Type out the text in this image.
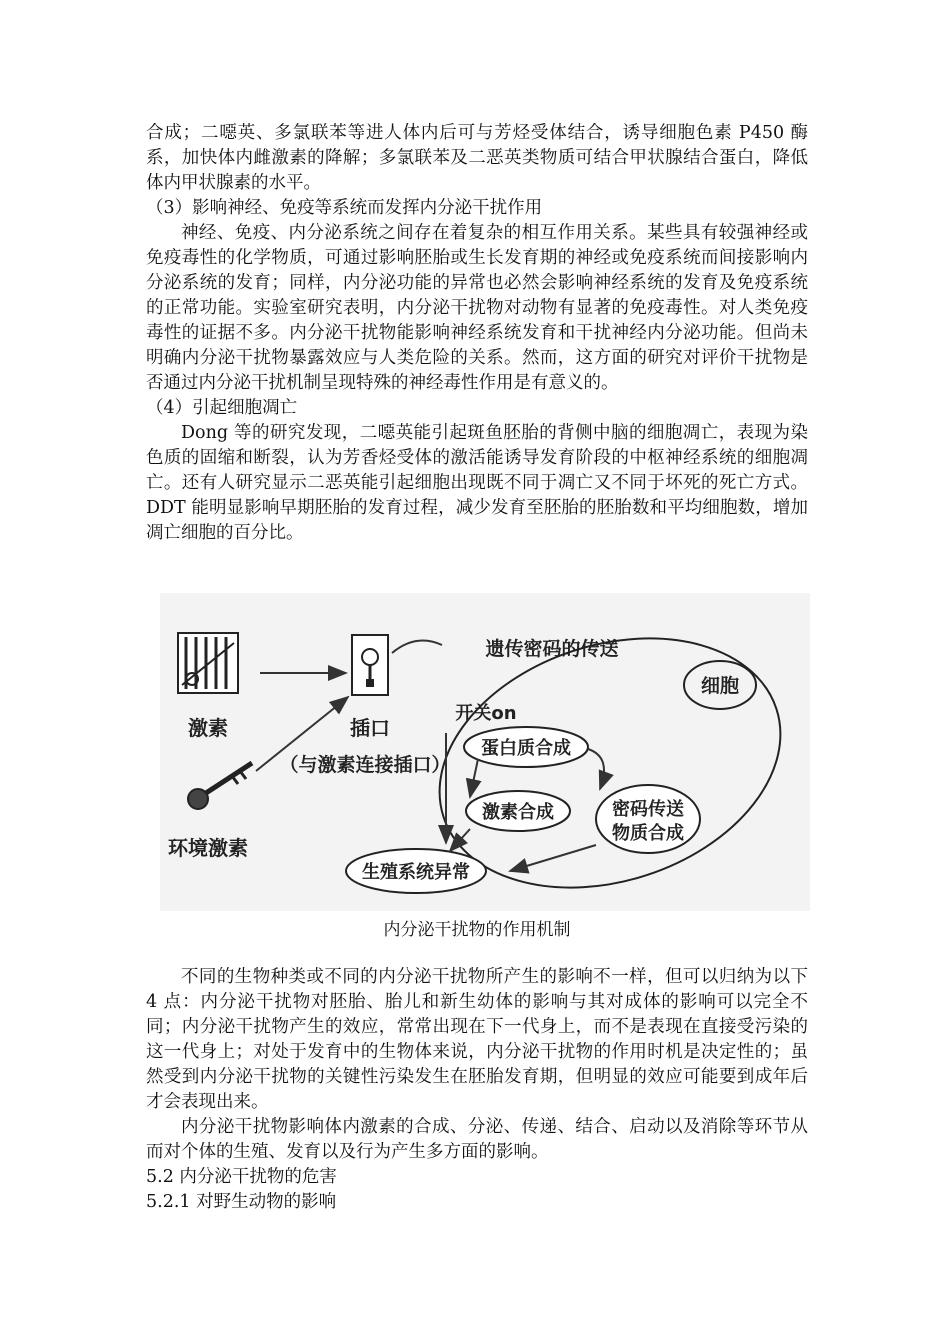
合成；二噁英、多氯联苯等进人体内后可与芳烃受体结合，诱导细胞色素 P450 酶系，加快体内雌激素的降解；多氯联苯及二恶英类物质可结合甲状腺结合蛋白，降低体内甲状腺素的水平。

（3）影响神经、免疫等系统而发挥内分泌干扰作用

神经、免疫、内分泌系统之间存在着复杂的相互作用关系。某些具有较强神经或免疫毒性的化学物质，可通过影响胚胎或生长发育期的神经或免疫系统而间接影响内分泌系统的发育；同样，内分泌功能的异常也必然会影响神经系统的发育及免疫系统的正常功能。实验室研究表明，内分泌干扰物对动物有显著的免疫毒性。对人类免疫毒性的证据不多。内分泌干扰物能影响神经系统发育和干扰神经内分泌功能。但尚未明确内分泌干扰物暴露效应与人类危险的关系。然而，这方面的研究对评价干扰物是否通过内分泌干扰机制呈现特殊的神经毒性作用是有意义的。

（4）引起细胞凋亡

Dong 等的研究发现，二噁英能引起斑鱼胚胎的背侧中脑的细胞凋亡，表现为染色质的固缩和断裂，认为芳香烃受体的激活能诱导发育阶段的中枢神经系统的细胞凋亡。还有人研究显示二恶英能引起细胞出现既不同于凋亡又不同于坏死的死亡方式。DDT 能明显影响早期胚胎的发育过程，减少发育至胚胎的胚胎数和平均细胞数，增加凋亡细胞的百分比。

激素
环境激素
插口
（与激素连接插口）
细胞
遗传密码的传送
开关on
蛋白质合成
激素合成	密码传送
物质合成
生殖系统异常
内分泌干扰物的作用机制

不同的生物种类或不同的内分泌干扰物所产生的影响不一样，但可以归纳为以下 4 点：内分泌干扰物对胚胎、胎儿和新生幼体的影响与其对成体的影响可以完全不同；内分泌干扰物产生的效应，常常出现在下一代身上，而不是表现在直接受污染的这一代身上；对处于发育中的生物体来说，内分泌干扰物的作用时机是决定性的；虽然受到内分泌干扰物的关键性污染发生在胚胎发育期，但明显的效应可能要到成年后才会表现出来。

内分泌干扰物影响体内激素的合成、分泌、传递、结合、启动以及消除等环节从而对个体的生殖、发育以及行为产生多方面的影响。

5.2 内分泌干扰物的危害

5.2.1 对野生动物的影响
